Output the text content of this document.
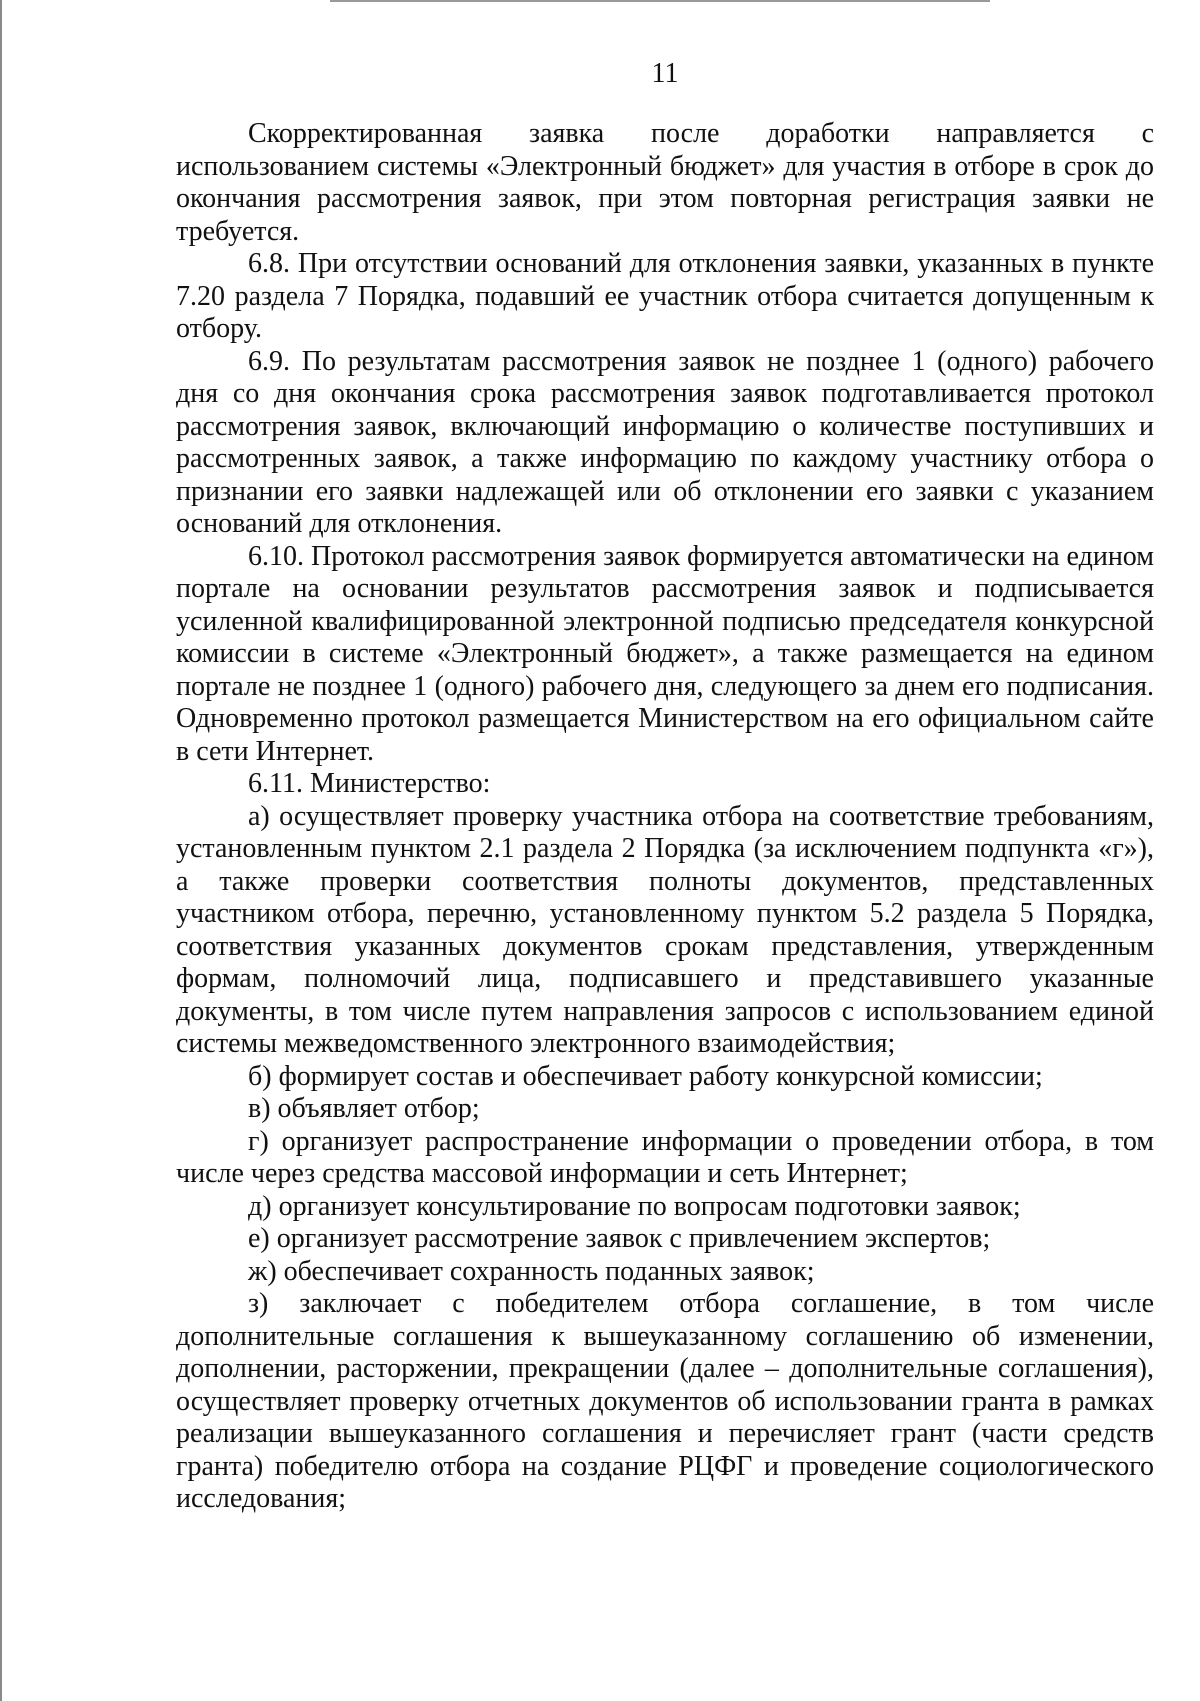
11

Скорректированная заявка после доработки направляется с использованием системы «Электронный бюджет» для участия в отборе в срок до окончания рассмотрения заявок, при этом повторная регистрация заявки не требуется.

6.8. При отсутствии оснований для отклонения заявки, указанных в пункте 7.20 раздела 7 Порядка, подавший ее участник отбора считается допущенным к отбору.

6.9. По результатам рассмотрения заявок не позднее 1 (одного) рабочего дня со дня окончания срока рассмотрения заявок подготавливается протокол рассмотрения заявок, включающий информацию о количестве поступивших и рассмотренных заявок, а также информацию по каждому участнику отбора о признании его заявки надлежащей или об отклонении его заявки с указанием оснований для отклонения.

6.10. Протокол рассмотрения заявок формируется автоматически на едином портале на основании результатов рассмотрения заявок и подписывается усиленной квалифицированной электронной подписью председателя конкурсной комиссии в системе «Электронный бюджет», а также размещается на едином портале не позднее 1 (одного) рабочего дня, следующего за днем его подписания. Одновременно протокол размещается Министерством на его официальном сайте в сети Интернет.

6.11. Министерство:

а) осуществляет проверку участника отбора на соответствие требованиям, установленным пунктом 2.1 раздела 2 Порядка (за исключением подпункта «г»), а также проверки соответствия полноты документов, представленных участником отбора, перечню, установленному пунктом 5.2 раздела 5 Порядка, соответствия указанных документов срокам представления, утвержденным формам, полномочий лица, подписавшего и представившего указанные документы, в том числе путем направления запросов с использованием единой системы межведомственного электронного взаимодействия;

б) формирует состав и обеспечивает работу конкурсной комиссии;

в) объявляет отбор;

г) организует распространение информации о проведении отбора, в том числе через средства массовой информации и сеть Интернет;

д) организует консультирование по вопросам подготовки заявок;

е) организует рассмотрение заявок с привлечением экспертов;

ж) обеспечивает сохранность поданных заявок;

з) заключает с победителем отбора соглашение, в том числе дополнительные соглашения к вышеуказанному соглашению об изменении, дополнении, расторжении, прекращении (далее – дополнительные соглашения), осуществляет проверку отчетных документов об использовании гранта в рамках реализации вышеуказанного соглашения и перечисляет грант (части средств гранта) победителю отбора на создание РЦФГ и проведение социологического исследования;
